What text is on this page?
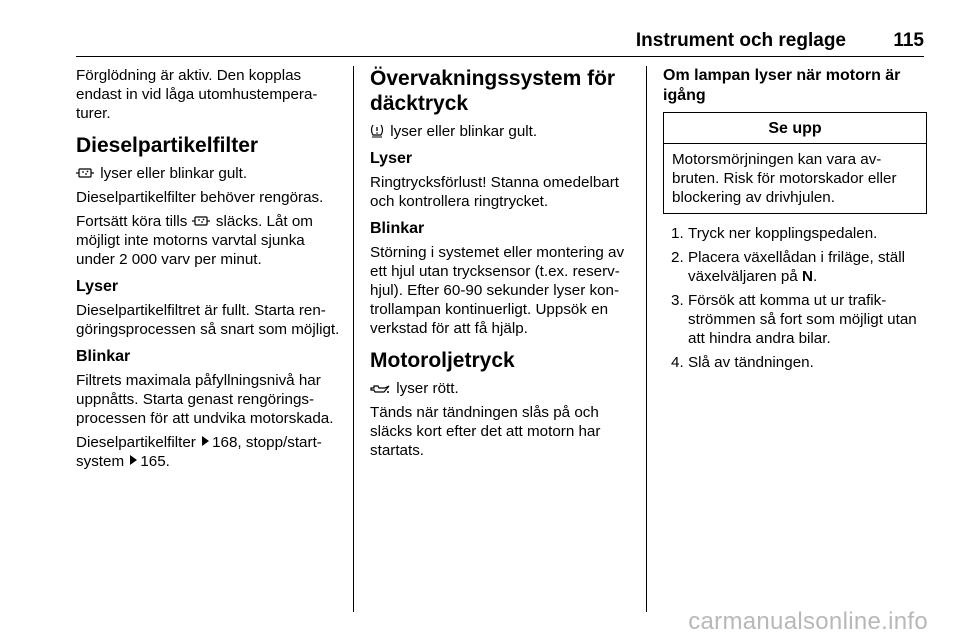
Instrument och reglage 115

Förglödning är aktiv. Den kopplas endast in vid låga utomhustemperaturer.

Dieselpartikelfilter

lyser eller blinkar gult.

Dieselpartikelfilter behöver rengöras.

Fortsätt köra tills släcks. Låt om möjligt inte motorns varvtal sjunka under 2 000 varv per minut.

Lyser

Dieselpartikelfiltret är fullt. Starta rengöringsprocessen så snart som möjligt.

Blinkar

Filtrets maximala påfyllningsnivå har uppnåtts. Starta genast rengöringsprocessen för att undvika motorskada.

Dieselpartikelfilter 168, stopp/start-system 165.

Övervakningssystem för däcktryck

lyser eller blinkar gult.

Lyser

Ringtrycksförlust! Stanna omedelbart och kontrollera ringtrycket.

Blinkar

Störning i systemet eller montering av ett hjul utan trycksensor (t.ex. reservhjul). Efter 60-90 sekunder lyser kontrollampan kontinuerligt. Uppsök en verkstad för att få hjälp.

Motoroljetryck

lyser rött.

Tänds när tändningen slås på och släcks kort efter det att motorn har startats.

Om lampan lyser när motorn är igång
Se upp
Motorsmörjningen kan vara avbruten. Risk för motorskador eller blockering av drivhjulen.
1. Tryck ner kopplingspedalen.
2. Placera växellådan i friläge, ställ växelväljaren på N.
3. Försök att komma ut ur trafikströmmen så fort som möjligt utan att hindra andra bilar.
4. Slå av tändningen.
carmanualsonline.info
